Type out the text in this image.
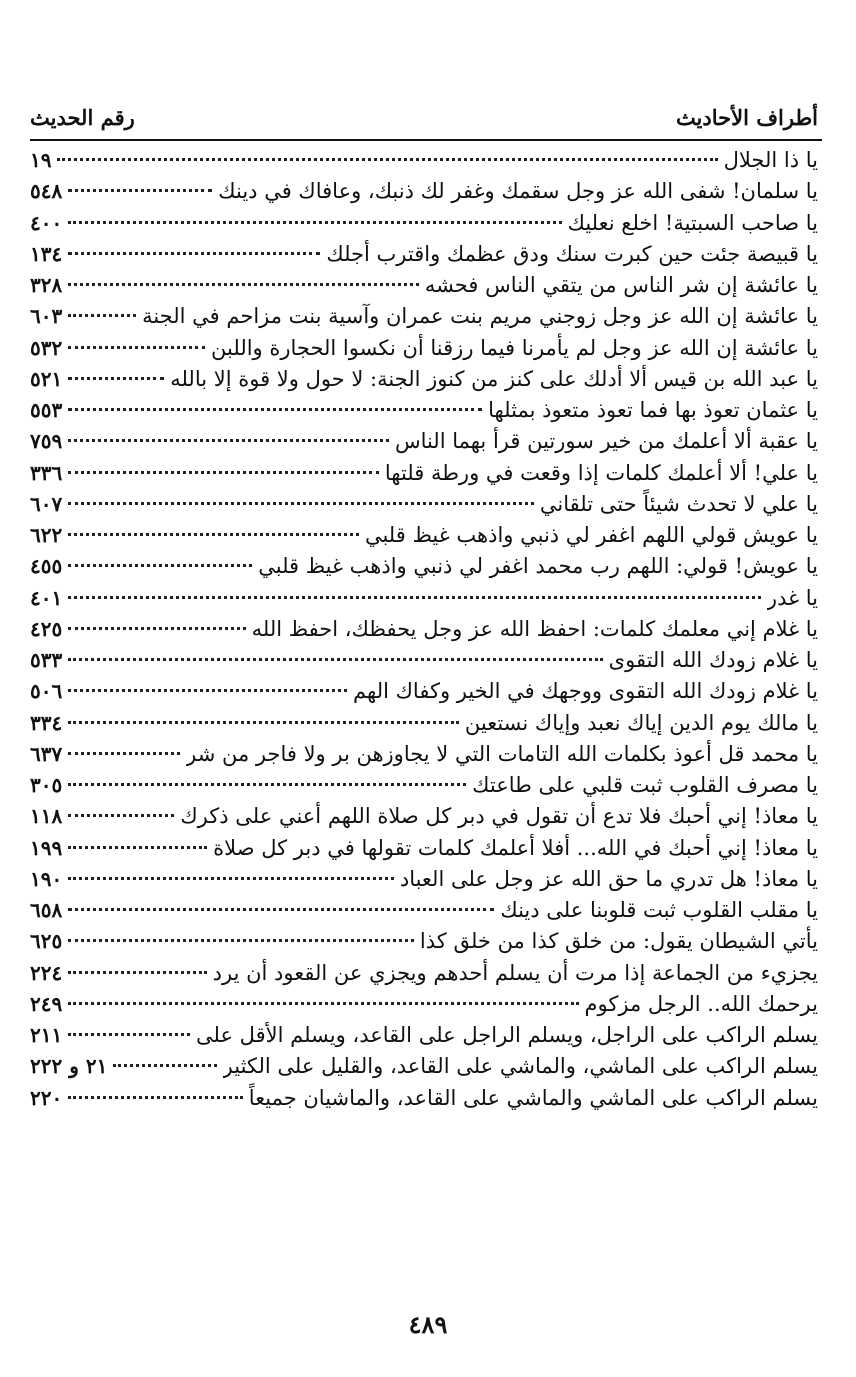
أطراف الأحاديث
رقم الحديث
يا ذا الجلال
١٩
يا سلمان! شفى الله عز وجل سقمك وغفر لك ذنبك، وعافاك في دينك
٥٤٨
يا صاحب السبتية! اخلع نعليك
٤٠٠
يا قبيصة جئت حين كبرت سنك ودق عظمك واقترب أجلك
١٣٤
يا عائشة إن شر الناس من يتقي الناس فحشه
٣٢٨
يا عائشة إن الله عز وجل زوجني مريم بنت عمران وآسية بنت مزاحم في الجنة
٦٠٣
يا عائشة إن الله عز وجل لم يأمرنا فيما رزقنا أن نكسوا الحجارة واللبن
٥٣٢
يا عبد الله بن قيس ألا أدلك على كنز من كنوز الجنة: لا حول ولا قوة إلا بالله
٥٢١
يا عثمان تعوذ بها فما تعوذ متعوذ بمثلها
٥٥٣
يا عقبة ألا أعلمك من خير سورتين قرأ بهما الناس
٧٥٩
يا علي! ألا أعلمك كلمات إذا وقعت في ورطة قلتها
٣٣٦
يا علي لا تحدث شيئاً حتى تلقاني
٦٠٧
يا عويش قولي اللهم اغفر لي ذنبي واذهب غيظ قلبي
٦٢٢
يا عويش! قولي: اللهم رب محمد اغفر لي ذنبي واذهب غيظ قلبي
٤٥٥
يا غدر
٤٠١
يا غلام إني معلمك كلمات: احفظ الله عز وجل يحفظك، احفظ الله
٤٢٥
يا غلام زودك الله التقوى
٥٣٣
يا غلام زودك الله التقوى ووجهك في الخير وكفاك الهم
٥٠٦
يا مالك يوم الدين إياك نعبد وإياك نستعين
٣٣٤
يا محمد قل أعوذ بكلمات الله التامات التي لا يجاوزهن بر ولا فاجر من شر
٦٣٧
يا مصرف القلوب ثبت قلبي على طاعتك
٣٠٥
يا معاذ! إني أحبك فلا تدع أن تقول في دبر كل صلاة اللهم أعني على ذكرك
١١٨
يا معاذ! إني أحبك في الله... أفلا أعلمك كلمات تقولها في دبر كل صلاة
١٩٩
يا معاذ! هل تدري ما حق الله عز وجل على العباد
١٩٠
يا مقلب القلوب ثبت قلوبنا على دينك
٦٥٨
يأتي الشيطان يقول: من خلق كذا من خلق كذا
٦٢٥
يجزيء من الجماعة إذا مرت أن يسلم أحدهم ويجزي عن القعود أن يرد
٢٢٤
يرحمك الله.. الرجل مزكوم
٢٤٩
يسلم الراكب على الراجل، ويسلم الراجل على القاعد، ويسلم الأقل على
٢١١
يسلم الراكب على الماشي، والماشي على القاعد، والقليل على الكثير
٢١ و ٢٢٢
يسلم الراكب على الماشي والماشي على القاعد، والماشيان جميعاً
٢٢٠
٤٨٩
